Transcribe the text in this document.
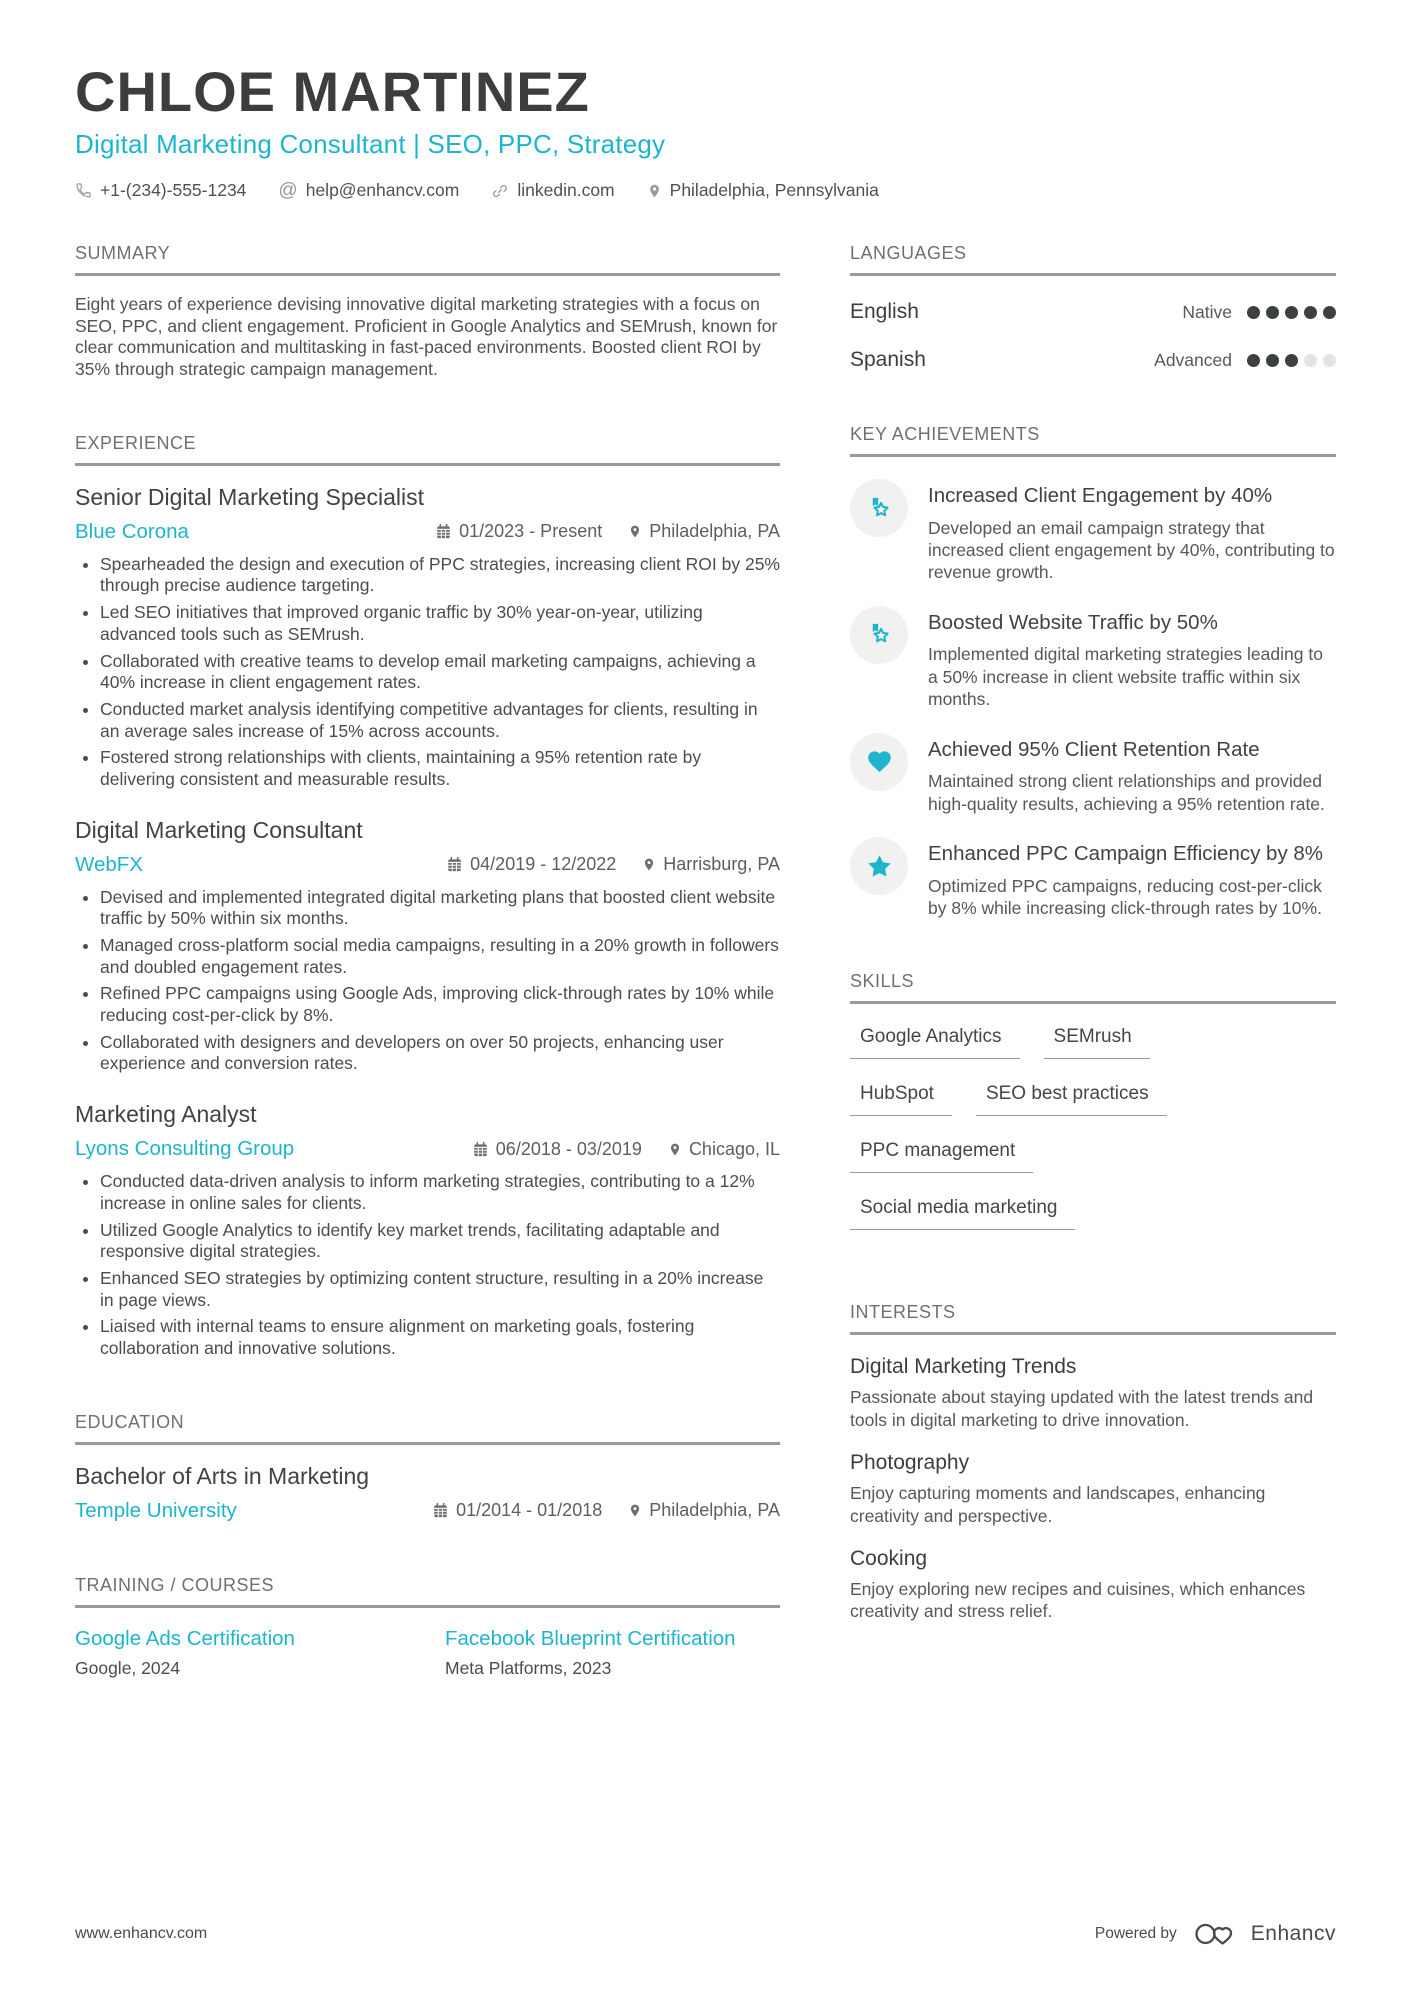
CHLOE MARTINEZ
Digital Marketing Consultant | SEO, PPC, Strategy
+1-(234)-555-1234 @ help@enhancv.com	linkedin.com	Philadelphia, Pennsylvania
SUMMARY

Eight years of experience devising innovative digital marketing strategies with a focus on SEO, PPC, and client engagement. Proficient in Google Analytics and SEMrush, known for clear communication and multitasking in fast-paced environments. Boosted client ROI by 35% through strategic campaign management.

EXPERIENCE
Senior Digital Marketing Specialist
Blue Corona	01/2023 - Present	Philadelphia, PA
• Spearheaded the design and execution of PPC strategies, increasing client ROI by 25% through precise audience targeting.
• Led SEO initiatives that improved organic traffic by 30% year-on-year, utilizing advanced tools such as SEMrush.
• Collaborated with creative teams to develop email marketing campaigns, achieving a 40% increase in client engagement rates.
• Conducted market analysis identifying competitive advantages for clients, resulting in an average sales increase of 15% across accounts.
• Fostered strong relationships with clients, maintaining a 95% retention rate by delivering consistent and measurable results.
Digital Marketing Consultant
WebFX	04/2019 - 12/2022	Harrisburg, PA
• Devised and implemented integrated digital marketing plans that boosted client website traffic by 50% within six months.
• Managed cross-platform social media campaigns, resulting in a 20% growth in followers and doubled engagement rates.
• Refined PPC campaigns using Google Ads, improving click-through rates by 10% while reducing cost-per-click by 8%.
• Collaborated with designers and developers on over 50 projects, enhancing user experience and conversion rates.
Marketing Analyst
Lyons Consulting Group	06/2018 - 03/2019	Chicago, IL
• Conducted data-driven analysis to inform marketing strategies, contributing to a 12% increase in online sales for clients.
• Utilized Google Analytics to identify key market trends, facilitating adaptable and responsive digital strategies.
• Enhanced SEO strategies by optimizing content structure, resulting in a 20% increase in page views.
• Liaised with internal teams to ensure alignment on marketing goals, fostering collaboration and innovative solutions.
EDUCATION
Bachelor of Arts in Marketing
Temple University	01/2014 - 01/2018	Philadelphia, PA
TRAINING / COURSES
Google Ads Certification
Google, 2024
Facebook Blueprint Certification
Meta Platforms, 2023
LANGUAGES
English	Native
Spanish	Advanced
KEY ACHIEVEMENTS
Increased Client Engagement by 40%
Developed an email campaign strategy that increased client engagement by 40%, contributing to revenue growth.
Boosted Website Traffic by 50%
Implemented digital marketing strategies leading to a 50% increase in client website traffic within six months.
Achieved 95% Client Retention Rate
Maintained strong client relationships and provided high-quality results, achieving a 95% retention rate.
Enhanced PPC Campaign Efficiency by 8%
Optimized PPC campaigns, reducing cost-per-click by 8% while increasing click-through rates by 10%.
SKILLS
Google Analytics	SEMrush
HubSpot	SEO best practices
PPC management
Social media marketing
INTERESTS
Digital Marketing Trends
Passionate about staying updated with the latest trends and tools in digital marketing to drive innovation.
Photography
Enjoy capturing moments and landscapes, enhancing creativity and perspective.
Cooking
Enjoy exploring new recipes and cuisines, which enhances creativity and stress relief.
www.enhancv.com	Powered by	Enhancv
